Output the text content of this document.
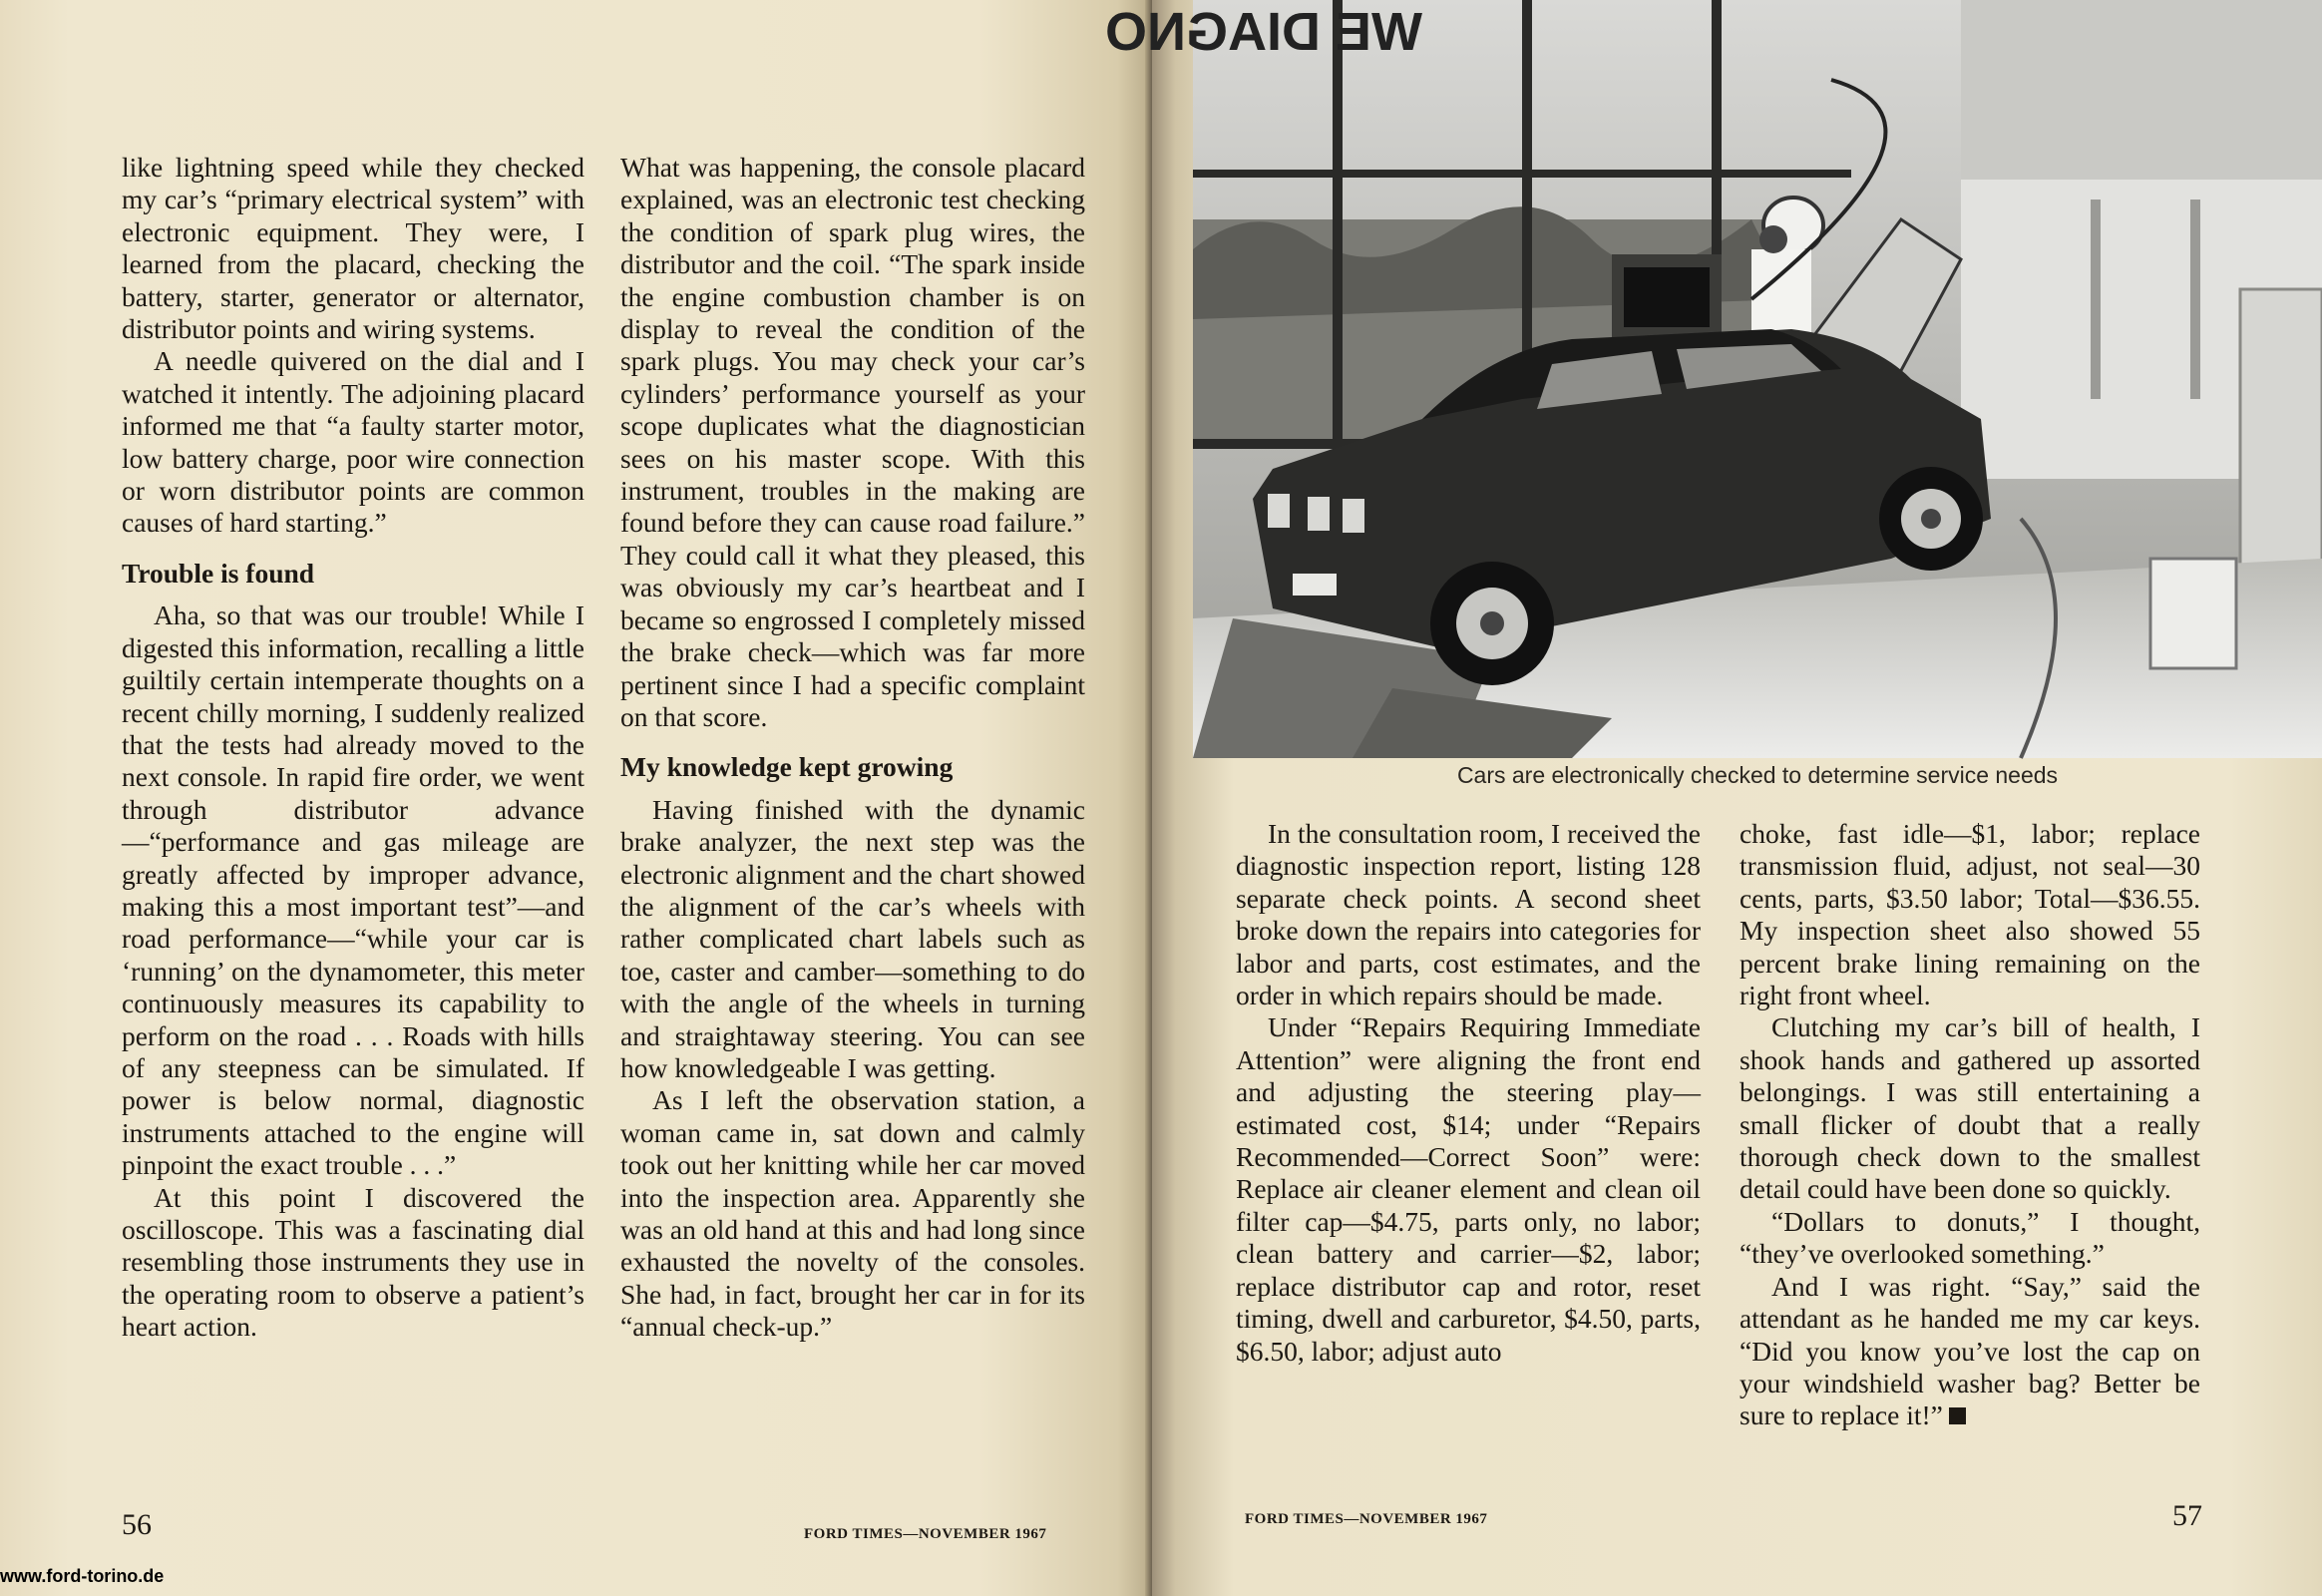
like lightning speed while they checked my car’s “primary electrical system” with electronic equipment. They were, I learned from the placard, checking the battery, starter, generator or alternator, distributor points and wiring systems.

A needle quivered on the dial and I watched it intently. The adjoining placard informed me that “a faulty starter motor, low battery charge, poor wire connection or worn distributor points are common causes of hard starting.”

Trouble is found

Aha, so that was our trouble! While I digested this information, recalling a little guiltily certain intemperate thoughts on a recent chilly morning, I suddenly realized that the tests had already moved to the next console. In rapid fire order, we went through distributor advance —“performance and gas mileage are greatly affected by improper advance, making this a most important test”—and road performance—“while your car is ‘running’ on the dynamometer, this meter continuously measures its capability to perform on the road . . . Roads with hills of any steepness can be simulated. If power is below normal, diagnostic instruments attached to the engine will pinpoint the exact trouble . . .”

At this point I discovered the oscilloscope. This was a fascinating dial resembling those instruments they use in the operating room to observe a patient’s heart action.

What was happening, the console placard explained, was an electronic test checking the condition of spark plug wires, the distributor and the coil. “The spark inside the engine combustion chamber is on display to reveal the condition of the spark plugs. You may check your car’s cylinders’ performance yourself as your scope duplicates what the diagnostician sees on his master scope. With this instrument, troubles in the making are found before they can cause road failure.” They could call it what they pleased, this was obviously my car’s heartbeat and I became so engrossed I completely missed the brake check—which was far more pertinent since I had a specific complaint on that score.

My knowledge kept growing

Having finished with the dynamic brake analyzer, the next step was the electronic alignment and the chart showed the alignment of the car’s wheels with rather complicated chart labels such as toe, caster and camber—something to do with the angle of the wheels in turning and straightaway steering. You can see how knowledgeable I was getting.

As I left the observation station, a woman came in, sat down and calmly took out her knitting while her car moved into the inspection area. Apparently she was an old hand at this and had long since exhausted the novelty of the consoles. She had, in fact, brought her car in for its “annual check-up.”

56	FORD TIMES—NOVEMBER 1967
www.ford-torino.de
WE DIAGNO
Cars are electronically checked to determine service needs

In the consultation room, I received the diagnostic inspection report, listing 128 separate check points. A second sheet broke down the repairs into categories for labor and parts, cost estimates, and the order in which repairs should be made.

Under “Repairs Requiring Immediate Attention” were aligning the front end and adjusting the steering play—estimated cost, $14; under “Repairs Recommended—Correct Soon” were: Replace air cleaner element and clean oil filter cap—$4.75, parts only, no labor; clean battery and carrier—$2, labor; replace distributor cap and rotor, reset timing, dwell and carburetor, $4.50, parts, $6.50, labor; adjust auto

choke, fast idle—$1, labor; replace transmission fluid, adjust, not seal—30 cents, parts, $3.50 labor; Total—$36.55. My inspection sheet also showed 55 percent brake lining remaining on the right front wheel.

Clutching my car’s bill of health, I shook hands and gathered up assorted belongings. I was still entertaining a small flicker of doubt that a really thorough check down to the smallest detail could have been done so quickly.

“Dollars to donuts,” I thought, “they’ve overlooked something.”

And I was right. “Say,” said the attendant as he handed me my car keys. “Did you know you’ve lost the cap on your windshield washer bag? Better be sure to replace it!”

FORD TIMES—NOVEMBER 1967	57
